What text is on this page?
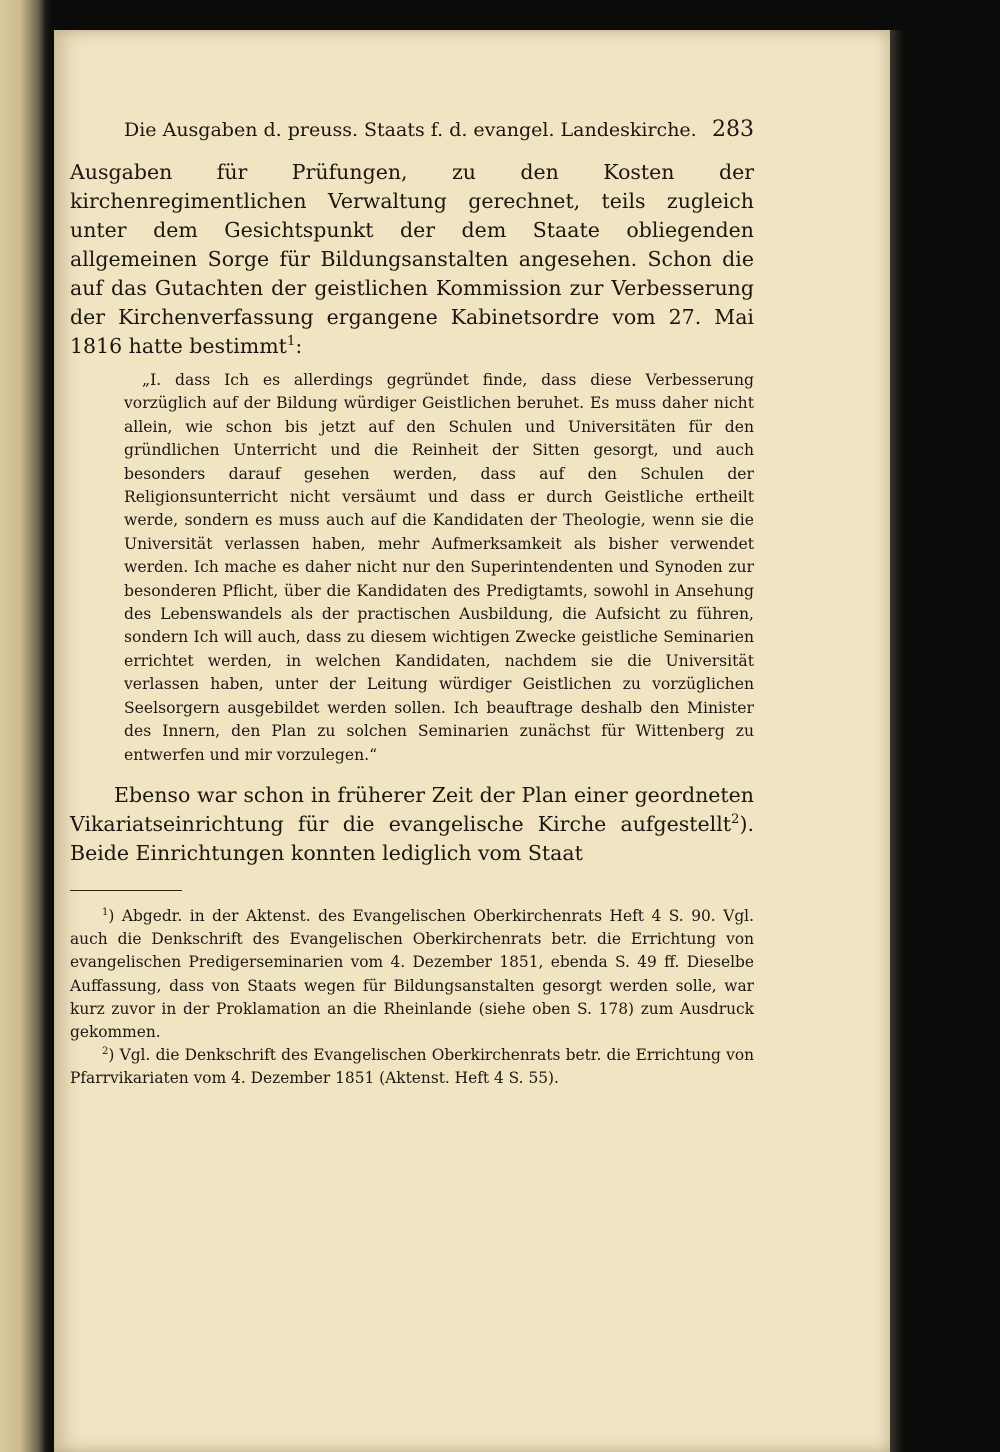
Die Ausgaben d. preuss. Staats f. d. evangel. Landeskirche. 283

Ausgaben für Prüfungen, zu den Kosten der kirchenregimentlichen Verwaltung gerechnet, teils zugleich unter dem Gesichtspunkt der dem Staate obliegenden allgemeinen Sorge für Bildungsanstalten angesehen. Schon die auf das Gutachten der geistlichen Kommission zur Verbesserung der Kirchenverfassung ergangene Kabinetsordre vom 27. Mai 1816 hatte bestimmt$^1$:

„I. dass Ich es allerdings gegründet finde, dass diese Verbesserung vorzüglich auf der Bildung würdiger Geistlichen beruhet. Es muss daher nicht allein, wie schon bis jetzt auf den Schulen und Universitäten für den gründlichen Unterricht und die Reinheit der Sitten gesorgt, und auch besonders darauf gesehen werden, dass auf den Schulen der Religionsunterricht nicht versäumt und dass er durch Geistliche ertheilt werde, sondern es muss auch auf die Kandidaten der Theologie, wenn sie die Universität verlassen haben, mehr Aufmerksamkeit als bisher verwendet werden. Ich mache es daher nicht nur den Superintendenten und Synoden zur besonderen Pflicht, über die Kandidaten des Predigtamts, sowohl in Ansehung des Lebenswandels als der practischen Ausbildung, die Aufsicht zu führen, sondern Ich will auch, dass zu diesem wichtigen Zwecke geistliche Seminarien errichtet werden, in welchen Kandidaten, nachdem sie die Universität verlassen haben, unter der Leitung würdiger Geistlichen zu vorzüglichen Seelsorgern ausgebildet werden sollen. Ich beauftrage deshalb den Minister des Innern, den Plan zu solchen Seminarien zunächst für Wittenberg zu entwerfen und mir vorzulegen.“

Ebenso war schon in früherer Zeit der Plan einer geordneten Vikariatseinrichtung für die evangelische Kirche aufgestellt$^2$). Beide Einrichtungen konnten lediglich vom Staat

$^1$) Abgedr. in der Aktenst. des Evangelischen Oberkirchenrats Heft 4 S. 90. Vgl. auch die Denkschrift des Evangelischen Oberkirchenrats betr. die Errichtung von evangelischen Predigerseminarien vom 4. Dezember 1851, ebenda S. 49 ff. Dieselbe Auffassung, dass von Staats wegen für Bildungsanstalten gesorgt werden solle, war kurz zuvor in der Proklamation an die Rheinlande (siehe oben S. 178) zum Ausdruck gekommen.

$^2$) Vgl. die Denkschrift des Evangelischen Oberkirchenrats betr. die Errichtung von Pfarrvikariaten vom 4. Dezember 1851 (Aktenst. Heft 4 S. 55).
